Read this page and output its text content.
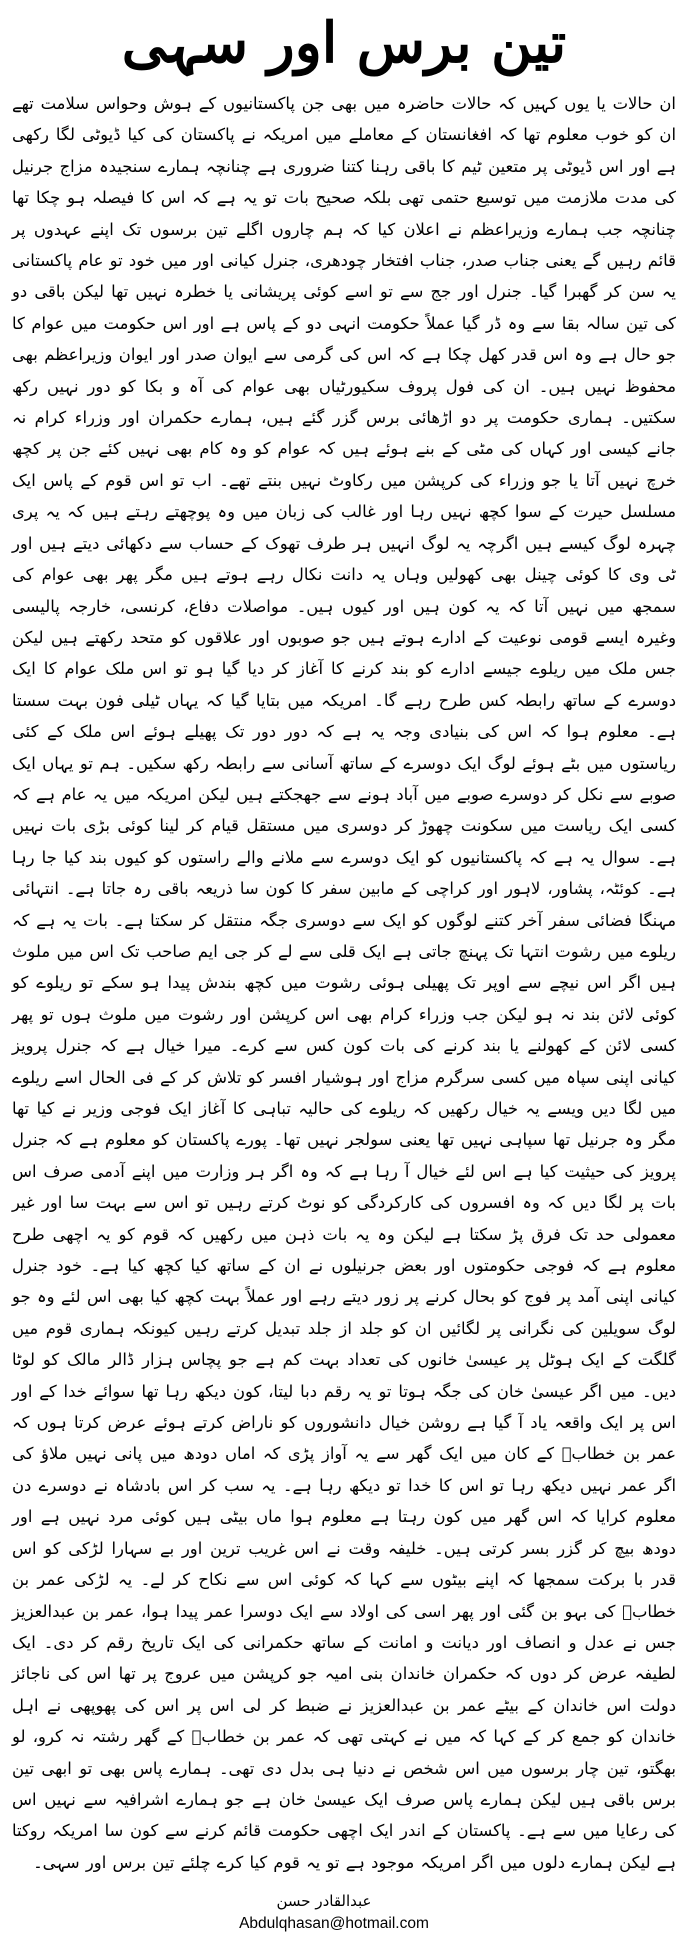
تین برس اور سہی

ان حالات یا یوں کہیں کہ حالات حاضرہ میں بھی جن پاکستانیوں کے ہوش وحواس سلامت تھے ان کو خوب معلوم تھا کہ افغانستان کے معاملے میں امریکہ نے پاکستان کی کیا ڈیوٹی لگا رکھی ہے اور اس ڈیوٹی پر متعین ٹیم کا باقی رہنا کتنا ضروری ہے چنانچہ ہمارے سنجیدہ مزاج جرنیل کی مدت ملازمت میں توسیع حتمی تھی بلکہ صحیح بات تو یہ ہے کہ اس کا فیصلہ ہو چکا تھا چنانچہ جب ہمارے وزیراعظم نے اعلان کیا کہ ہم چاروں اگلے تین برسوں تک اپنے عہدوں پر قائم رہیں گے یعنی جناب صدر، جناب افتخار چودھری، جنرل کیانی اور میں خود تو عام پاکستانی یہ سن کر گھبرا گیا۔ جنرل اور جج سے تو اسے کوئی پریشانی یا خطرہ نہیں تھا لیکن باقی دو کی تین سالہ بقا سے وہ ڈر گیا عملاً حکومت انہی دو کے پاس ہے اور اس حکومت میں عوام کا جو حال ہے وہ اس قدر کھل چکا ہے کہ اس کی گرمی سے ایوان صدر اور ایوان وزیراعظم بھی محفوظ نہیں ہیں۔ ان کی فول پروف سکیورٹیاں بھی عوام کی آہ و بکا کو دور نہیں رکھ سکتیں۔ ہماری حکومت پر دو اڑھائی برس گزر گئے ہیں، ہمارے حکمران اور وزراء کرام نہ جانے کیسی اور کہاں کی مٹی کے بنے ہوئے ہیں کہ عوام کو وہ کام بھی نہیں کئے جن پر کچھ خرچ نہیں آتا یا جو وزراء کی کرپشن میں رکاوٹ نہیں بنتے تھے۔ اب تو اس قوم کے پاس ایک مسلسل حیرت کے سوا کچھ نہیں رہا اور غالب کی زبان میں وہ پوچھتے رہتے ہیں کہ یہ پری چہرہ لوگ کیسے ہیں اگرچہ یہ لوگ انہیں ہر طرف تھوک کے حساب سے دکھائی دیتے ہیں اور ٹی وی کا کوئی چینل بھی کھولیں وہاں یہ دانت نکال رہے ہوتے ہیں مگر پھر بھی عوام کی سمجھ میں نہیں آتا کہ یہ کون ہیں اور کیوں ہیں۔ مواصلات دفاع، کرنسی، خارجہ پالیسی وغیرہ ایسے قومی نوعیت کے ادارے ہوتے ہیں جو صوبوں اور علاقوں کو متحد رکھتے ہیں لیکن جس ملک میں ریلوے جیسے ادارے کو بند کرنے کا آغاز کر دیا گیا ہو تو اس ملک عوام کا ایک دوسرے کے ساتھ رابطہ کس طرح رہے گا۔ امریکہ میں بتایا گیا کہ یہاں ٹیلی فون بہت سستا ہے۔ معلوم ہوا کہ اس کی بنیادی وجہ یہ ہے کہ دور دور تک پھیلے ہوئے اس ملک کے کئی ریاستوں میں بٹے ہوئے لوگ ایک دوسرے کے ساتھ آسانی سے رابطہ رکھ سکیں۔ ہم تو یہاں ایک صوبے سے نکل کر دوسرے صوبے میں آباد ہونے سے جھجکتے ہیں لیکن امریکہ میں یہ عام ہے کہ کسی ایک ریاست میں سکونت چھوڑ کر دوسری میں مستقل قیام کر لینا کوئی بڑی بات نہیں ہے۔ سوال یہ ہے کہ پاکستانیوں کو ایک دوسرے سے ملانے والے راستوں کو کیوں بند کیا جا رہا ہے۔ کوئٹہ، پشاور، لاہور اور کراچی کے مابین سفر کا کون سا ذریعہ باقی رہ جاتا ہے۔ انتہائی مہنگا فضائی سفر آخر کتنے لوگوں کو ایک سے دوسری جگہ منتقل کر سکتا ہے۔ بات یہ ہے کہ ریلوے میں رشوت انتہا تک پہنچ جاتی ہے ایک قلی سے لے کر جی ایم صاحب تک اس میں ملوث ہیں اگر اس نیچے سے اوپر تک پھیلی ہوئی رشوت میں کچھ بندش پیدا ہو سکے تو ریلوے کو کوئی لائن بند نہ ہو لیکن جب وزراء کرام بھی اس کرپشن اور رشوت میں ملوث ہوں تو پھر کسی لائن کے کھولنے یا بند کرنے کی بات کون کس سے کرے۔ میرا خیال ہے کہ جنرل پرویز کیانی اپنی سپاہ میں کسی سرگرم مزاج اور ہوشیار افسر کو تلاش کر کے فی الحال اسے ریلوے میں لگا دیں ویسے یہ خیال رکھیں کہ ریلوے کی حالیہ تباہی کا آغاز ایک فوجی وزیر نے کیا تھا مگر وہ جرنیل تھا سپاہی نہیں تھا یعنی سولجر نہیں تھا۔ پورے پاکستان کو معلوم ہے کہ جنرل پرویز کی حیثیت کیا ہے اس لئے خیال آ رہا ہے کہ وہ اگر ہر وزارت میں اپنے آدمی صرف اس بات پر لگا دیں کہ وہ افسروں کی کارکردگی کو نوٹ کرتے رہیں تو اس سے بہت سا اور غیر معمولی حد تک فرق پڑ سکتا ہے لیکن وہ یہ بات ذہن میں رکھیں کہ قوم کو یہ اچھی طرح معلوم ہے کہ فوجی حکومتوں اور بعض جرنیلوں نے ان کے ساتھ کیا کچھ کیا ہے۔ خود جنرل کیانی اپنی آمد پر فوج کو بحال کرنے پر زور دیتے رہے اور عملاً بہت کچھ کیا بھی اس لئے وہ جو لوگ سویلین کی نگرانی پر لگائیں ان کو جلد از جلد تبدیل کرتے رہیں کیونکہ ہماری قوم میں گلگت کے ایک ہوٹل پر عیسیٰ خانوں کی تعداد بہت کم ہے جو پچاس ہزار ڈالر مالک کو لوٹا دیں۔ میں اگر عیسیٰ خان کی جگہ ہوتا تو یہ رقم دبا لیتا، کون دیکھ رہا تھا سوائے خدا کے اور اس پر ایک واقعہ یاد آ گیا ہے روشن خیال دانشوروں کو ناراض کرتے ہوئے عرض کرتا ہوں کہ عمر بن خطابؓ کے کان میں ایک گھر سے یہ آواز پڑی کہ اماں دودھ میں پانی نہیں ملاؤ کی اگر عمر نہیں دیکھ رہا تو اس کا خدا تو دیکھ رہا ہے۔ یہ سب کر اس بادشاہ نے دوسرے دن معلوم کرایا کہ اس گھر میں کون رہتا ہے معلوم ہوا ماں بیٹی ہیں کوئی مرد نہیں ہے اور دودھ بیچ کر گزر بسر کرتی ہیں۔ خلیفہ وقت نے اس غریب ترین اور بے سہارا لڑکی کو اس قدر با برکت سمجھا کہ اپنے بیٹوں سے کہا کہ کوئی اس سے نکاح کر لے۔ یہ لڑکی عمر بن خطابؓ کی بہو بن گئی اور پھر اسی کی اولاد سے ایک دوسرا عمر پیدا ہوا، عمر بن عبدالعزیز جس نے عدل و انصاف اور دیانت و امانت کے ساتھ حکمرانی کی ایک تاریخ رقم کر دی۔ ایک لطیفہ عرض کر دوں کہ حکمران خاندان بنی امیہ جو کرپشن میں عروج پر تھا اس کی ناجائز دولت اس خاندان کے بیٹے عمر بن عبدالعزیز نے ضبط کر لی اس پر اس کی پھوپھی نے اہل خاندان کو جمع کر کے کہا کہ میں نے کہتی تھی کہ عمر بن خطابؓ کے گھر رشتہ نہ کرو، لو بھگتو، تین چار برسوں میں اس شخص نے دنیا ہی بدل دی تھی۔ ہمارے پاس بھی تو ابھی تین برس باقی ہیں لیکن ہمارے پاس صرف ایک عیسیٰ خان ہے جو ہمارے اشرافیہ سے نہیں اس کی رعایا میں سے ہے۔ پاکستان کے اندر ایک اچھی حکومت قائم کرنے سے کون سا امریکہ روکتا ہے لیکن ہمارے دلوں میں اگر امریکہ موجود ہے تو یہ قوم کیا کرے چلئے تین برس اور سہی۔

عبدالقادر حسن
Abdulqhasan@hotmail.com
